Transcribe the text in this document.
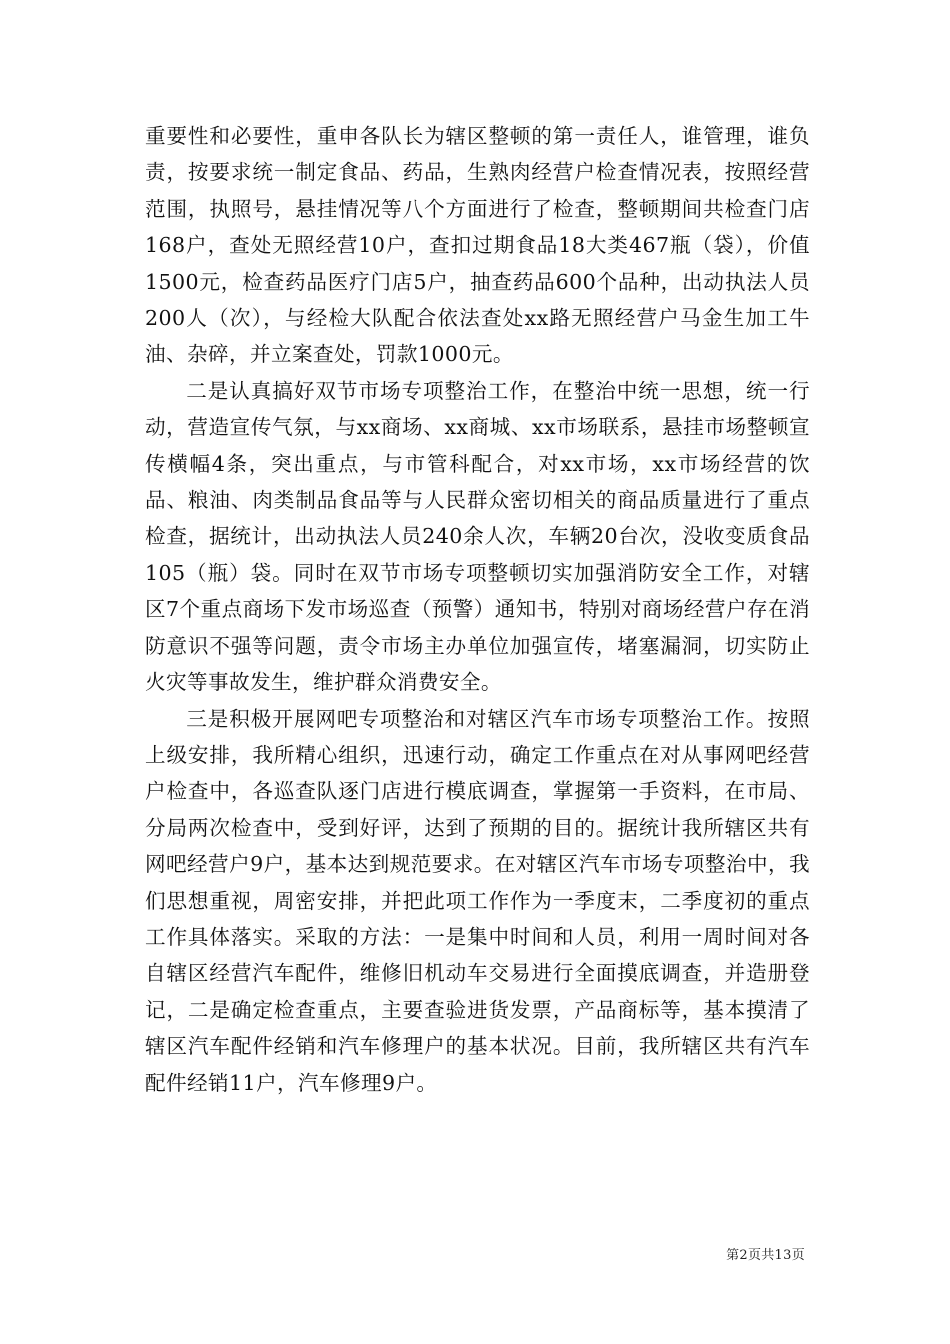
重要性和必要性，重申各队长为辖区整顿的第一责任人，谁管理，谁负责，按要求统一制定食品、药品，生熟肉经营户检查情况表，按照经营范围，执照号，悬挂情况等八个方面进行了检查，整顿期间共检查门店168户，查处无照经营10户，查扣过期食品18大类467瓶（袋），价值1500元，检查药品医疗门店5户，抽查药品600个品种，出动执法人员200人（次），与经检大队配合依法查处xx路无照经营户马金生加工牛油、杂碎，并立案查处，罚款1000元。

二是认真搞好双节市场专项整治工作，在整治中统一思想，统一行动，营造宣传气氛，与xx商场、xx商城、xx市场联系，悬挂市场整顿宣传横幅4条，突出重点，与市管科配合，对xx市场，xx市场经营的饮品、粮油、肉类制品食品等与人民群众密切相关的商品质量进行了重点检查，据统计，出动执法人员240余人次，车辆20台次，没收变质食品105（瓶）袋。同时在双节市场专项整顿切实加强消防安全工作，对辖区7个重点商场下发市场巡查（预警）通知书，特别对商场经营户存在消防意识不强等问题，责令市场主办单位加强宣传，堵塞漏洞，切实防止火灾等事故发生，维护群众消费安全。

三是积极开展网吧专项整治和对辖区汽车市场专项整治工作。按照上级安排，我所精心组织，迅速行动，确定工作重点在对从事网吧经营户检查中，各巡查队逐门店进行模底调查，掌握第一手资料，在市局、分局两次检查中，受到好评，达到了预期的目的。据统计我所辖区共有网吧经营户9户，基本达到规范要求。在对辖区汽车市场专项整治中，我们思想重视，周密安排，并把此项工作作为一季度末，二季度初的重点工作具体落实。采取的方法：一是集中时间和人员，利用一周时间对各自辖区经营汽车配件，维修旧机动车交易进行全面摸底调查，并造册登记，二是确定检查重点，主要查验进货发票，产品商标等，基本摸清了辖区汽车配件经销和汽车修理户的基本状况。目前，我所辖区共有汽车配件经销11户，汽车修理9户。

第2页共13页
